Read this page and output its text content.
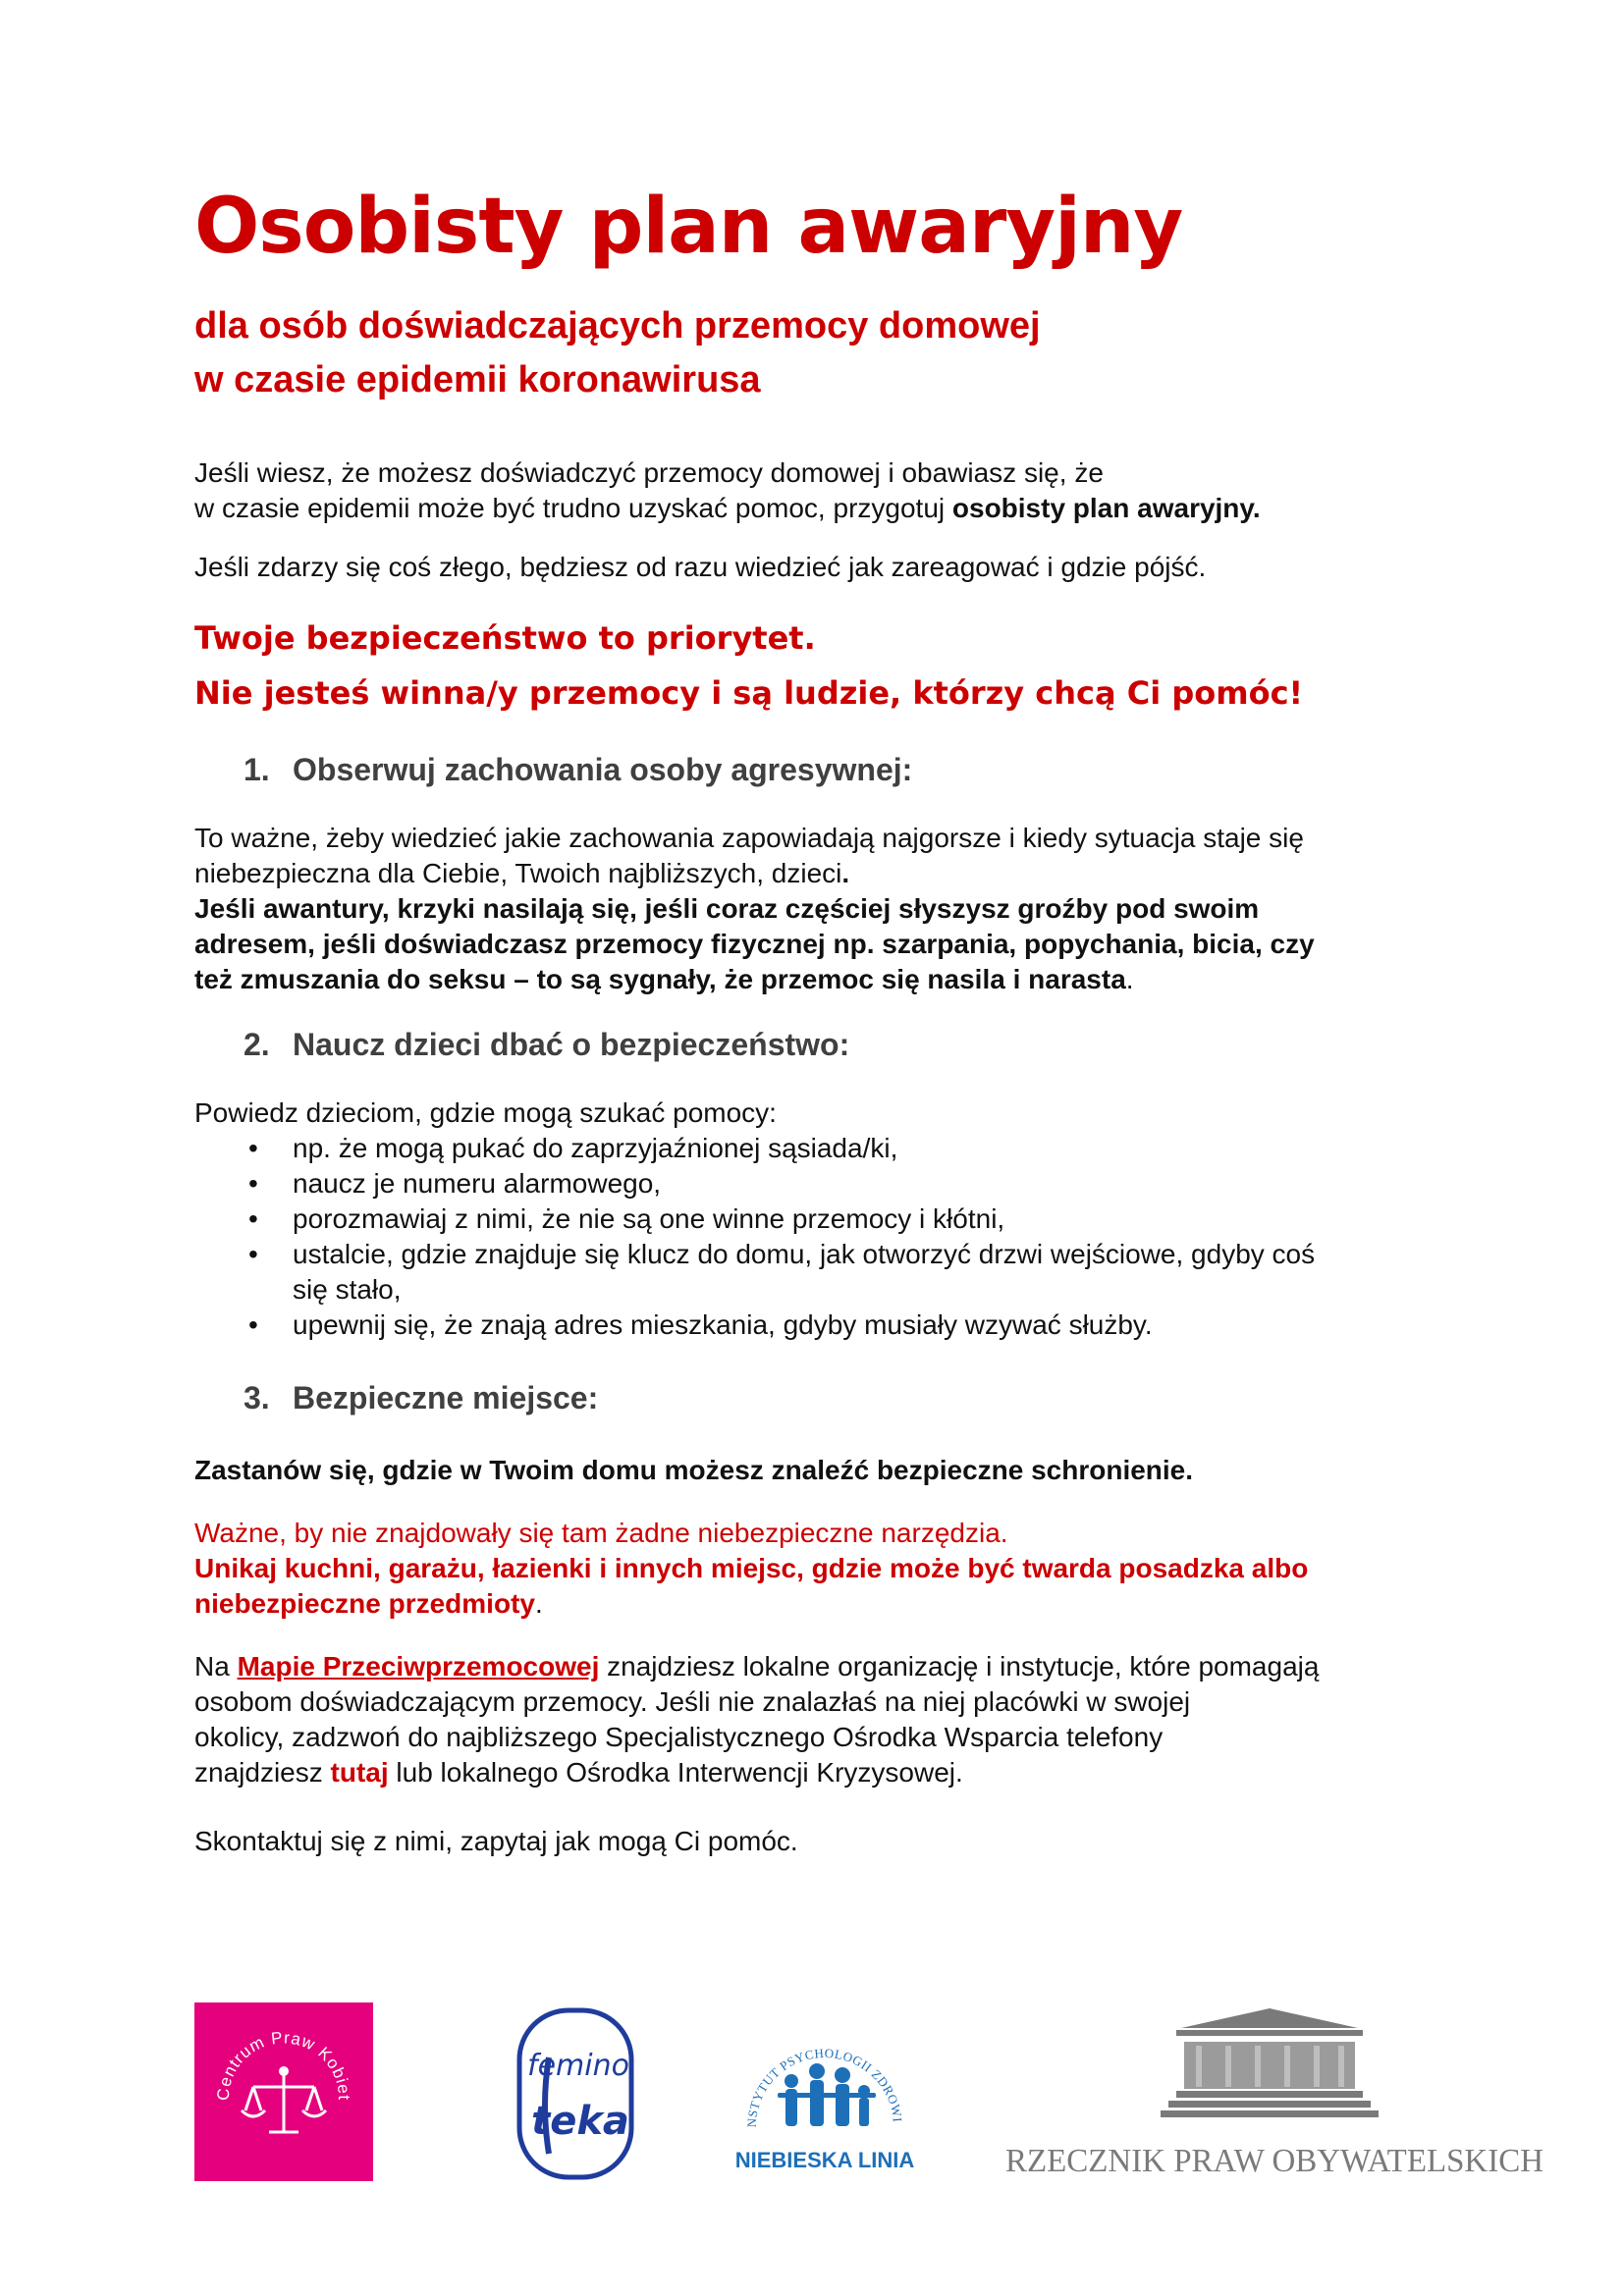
Osobisty plan awaryjny
dla osób doświadczających przemocy domowej
w czasie epidemii koronawirusa

Jeśli wiesz, że możesz doświadczyć przemocy domowej i obawiasz się, że

w czasie epidemii może być trudno uzyskać pomoc, przygotuj osobisty plan awaryjny.

Jeśli zdarzy się coś złego, będziesz od razu wiedzieć jak zareagować i gdzie pójść.

Twoje bezpieczeństwo to priorytet.

Nie jesteś winna/y przemocy i są ludzie, którzy chcą Ci pomóc!

1. Obserwuj zachowania osoby agresywnej:

To ważne, żeby wiedzieć jakie zachowania zapowiadają najgorsze i kiedy sytuacja staje się

niebezpieczna dla Ciebie, Twoich najbliższych, dzieci.

Jeśli awantury, krzyki nasilają się, jeśli coraz częściej słyszysz groźby pod swoim

adresem, jeśli doświadczasz przemocy fizycznej np. szarpania, popychania, bicia, czy

też zmuszania do seksu – to są sygnały, że przemoc się nasila i narasta.

2. Naucz dzieci dbać o bezpieczeństwo:

Powiedz dzieciom, gdzie mogą szukać pomocy:

• np. że mogą pukać do zaprzyjaźnionej sąsiada/ki,
• naucz je numeru alarmowego,
• porozmawiaj z nimi, że nie są one winne przemocy i kłótni,
• ustalcie, gdzie znajduje się klucz do domu, jak otworzyć drzwi wejściowe, gdyby coś
się stało,
• upewnij się, że znają adres mieszkania, gdyby musiały wzywać służby.
3. Bezpieczne miejsce:

Zastanów się, gdzie w Twoim domu możesz znaleźć bezpieczne schronienie.

Ważne, by nie znajdowały się tam żadne niebezpieczne narzędzia.

Unikaj kuchni, garażu, łazienki i innych miejsc, gdzie może być twarda posadzka albo

niebezpieczne przedmioty.

Na Mapie Przeciwprzemocowej znajdziesz lokalne organizację i instytucje, które pomagają

osobom doświadczającym przemocy. Jeśli nie znalazłaś na niej placówki w swojej

okolicy, zadzwoń do najbliższego Specjalistycznego Ośrodka Wsparcia telefony

znajdziesz tutaj lub lokalnego Ośrodka Interwencji Kryzysowej.

Skontaktuj się z nimi, zapytaj jak mogą Ci pomóc.

Centrum Praw Kobiet
femino
teka	NSTYTUT PSYCHOLOGII ZDROWI
NIEBIESKA LINIA	RZECZNIK PRAW OBYWATELSKICH
